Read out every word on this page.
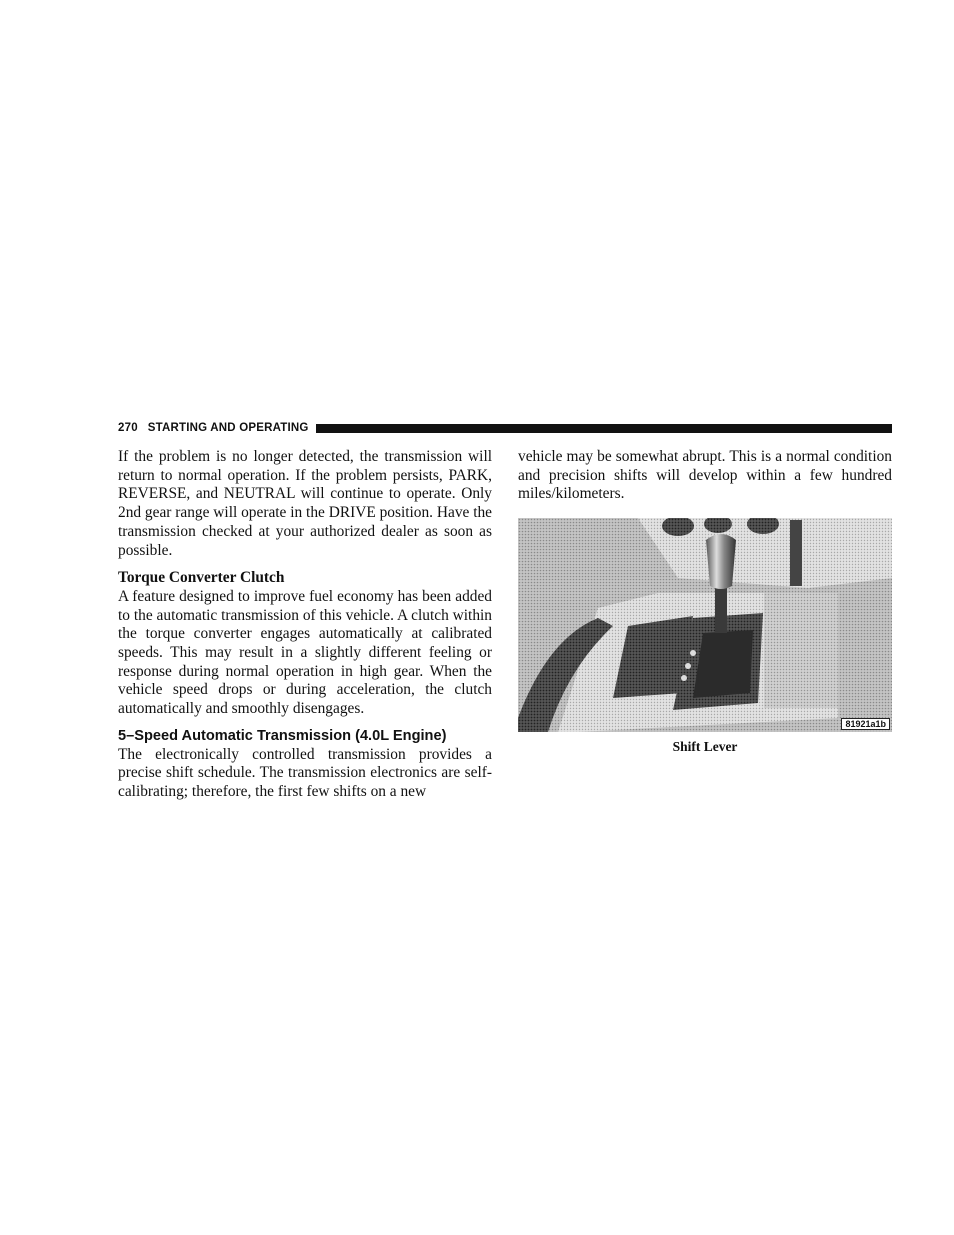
270 STARTING AND OPERATING

If the problem is no longer detected, the transmission will return to normal operation. If the problem persists, PARK, REVERSE, and NEUTRAL will continue to operate. Only 2nd gear range will operate in the DRIVE position. Have the transmission checked at your authorized dealer as soon as possible.

Torque Converter Clutch

A feature designed to improve fuel economy has been added to the automatic transmission of this vehicle. A clutch within the torque converter engages automatically at calibrated speeds. This may result in a slightly different feeling or response during normal operation in high gear. When the vehicle speed drops or during acceleration, the clutch automatically and smoothly disengages.

5–Speed Automatic Transmission (4.0L Engine)

The electronically controlled transmission provides a precise shift schedule. The transmission electronics are self-calibrating; therefore, the first few shifts on a new

vehicle may be somewhat abrupt. This is a normal condition and precision shifts will develop within a few hundred miles/kilometers.

81921a1b

Shift Lever
